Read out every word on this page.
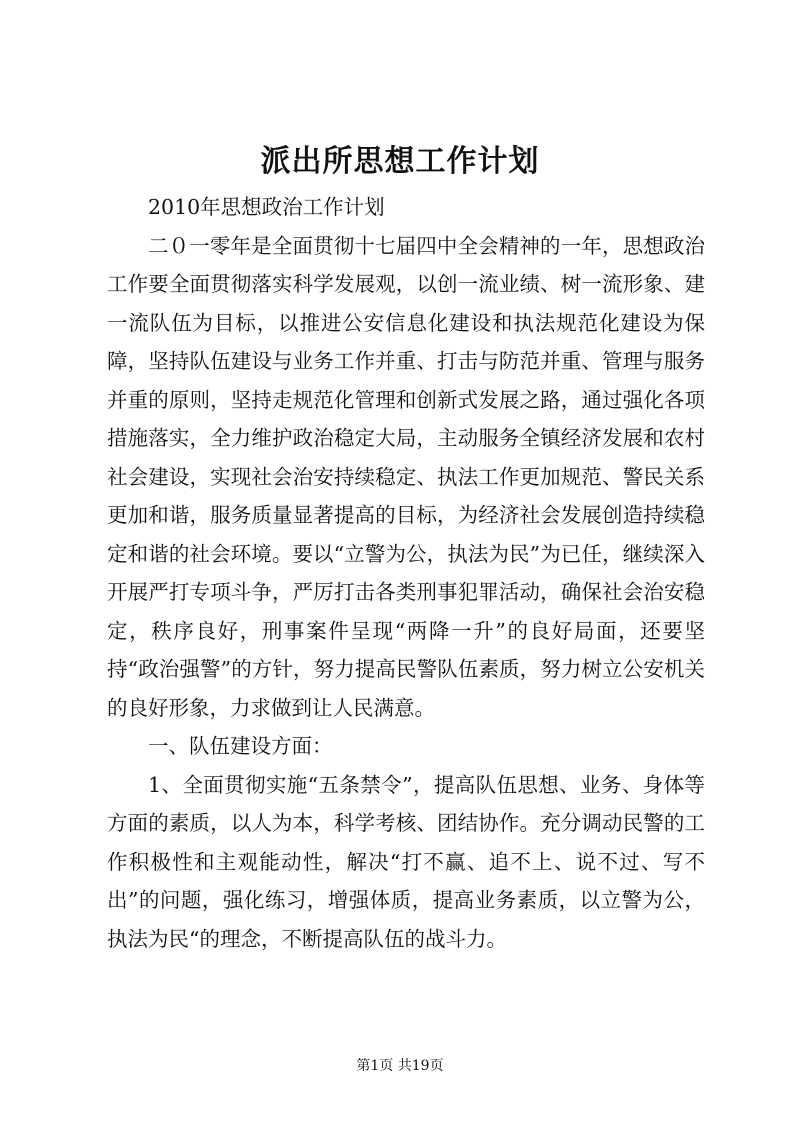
派出所思想工作计划

2010年思想政治工作计划

二０一零年是全面贯彻十七届四中全会精神的一年，思想政治工作要全面贯彻落实科学发展观，以创一流业绩、树一流形象、建一流队伍为目标，以推进公安信息化建设和执法规范化建设为保障，坚持队伍建设与业务工作并重、打击与防范并重、管理与服务并重的原则，坚持走规范化管理和创新式发展之路，通过强化各项措施落实，全力维护政治稳定大局，主动服务全镇经济发展和农村社会建设，实现社会治安持续稳定、执法工作更加规范、警民关系更加和谐，服务质量显著提高的目标，为经济社会发展创造持续稳定和谐的社会环境。要以“立警为公，执法为民”为已任，继续深入开展严打专项斗争，严厉打击各类刑事犯罪活动，确保社会治安稳定，秩序良好，刑事案件呈现“两降一升”的良好局面，还要坚持“政治强警”的方针，努力提高民警队伍素质，努力树立公安机关的良好形象，力求做到让人民满意。

一、队伍建设方面：

1、全面贯彻实施“五条禁令”，提高队伍思想、业务、身体等方面的素质，以人为本，科学考核、团结协作。充分调动民警的工作积极性和主观能动性，解决“打不赢、追不上、说不过、写不出”的问题，强化练习，增强体质，提高业务素质，以立警为公，执法为民“的理念，不断提高队伍的战斗力。

第1页 共19页
